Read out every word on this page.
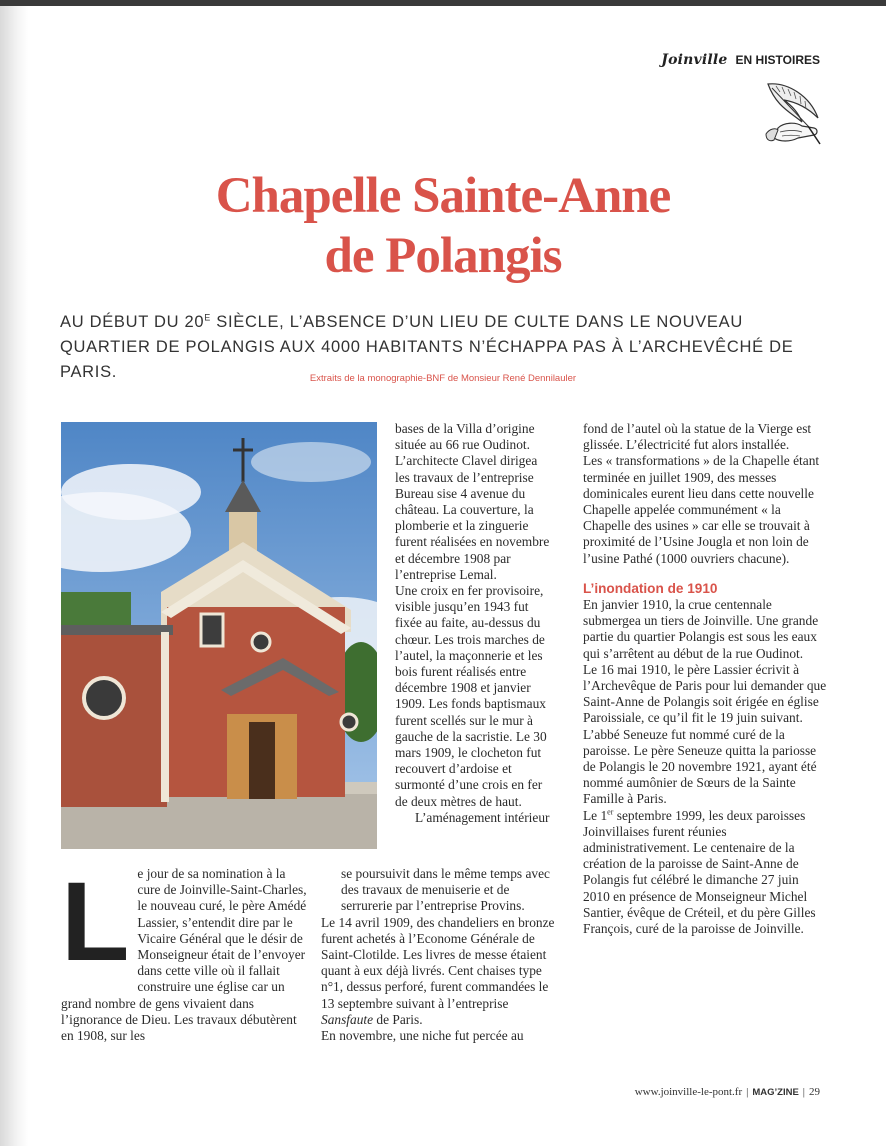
Joinville EN HISTOIRES
Chapelle Sainte-Anne
de Polangis
AU DÉBUT DU $20^E$ SIÈCLE, L’ABSENCE D’UN LIEU DE CULTE DANS LE NOUVEAU QUARTIER DE POLANGIS AUX 4000 HABITANTS N’ÉCHAPPA PAS À L’ARCHEVÊCHÉ DE PARIS.	Extraits de la monographie-BNF de Monsieur René Dennilauler

bases de la Villa d’origine située au 66 rue Oudinot.

L’architecte Clavel dirigea les travaux de l’entreprise Bureau sise 4 avenue du château. La couverture, la plomberie et la zinguerie furent réalisées en novembre et décembre 1908 par l’entreprise Lemal.

Une croix en fer provisoire, visible jusqu’en 1943 fut fixée au faite, au-dessus du chœur. Les trois marches de l’autel, la maçonnerie et les bois furent réalisés entre décembre 1908 et janvier 1909. Les fonds baptismaux furent scellés sur le mur à gauche de la sacristie. Le 30 mars 1909, le clocheton fut recouvert d’ardoise et surmonté d’une crois en fer de deux mètres de haut.

L’aménagement intérieur

fond de l’autel où la statue de la Vierge est glissée. L’électricité fut alors installée.

Les « transformations » de la Chapelle étant terminée en juillet 1909, des messes dominicales eurent lieu dans cette nouvelle Chapelle appelée communément « la Chapelle des usines » car elle se trouvait à proximité de l’Usine Jougla et non loin de l’usine Pathé (1000 ouvriers chacune).

L’inondation de 1910

En janvier 1910, la crue centennale submergea un tiers de Joinville. Une grande partie du quartier Polangis est sous les eaux qui s’arrêtent au début de la rue Oudinot.

Le 16 mai 1910, le père Lassier écrivit à l’Archevêque de Paris pour lui demander que Saint-Anne de Polangis soit érigée en église Paroissiale, ce qu’il fit le 19 juin suivant.

L’abbé Seneuze fut nommé curé de la paroisse. Le père Seneuze quitta la pariosse de Polangis le 20 novembre 1921, ayant été nommé aumônier de Sœurs de la Sainte Famille à Paris.

Le 1er septembre 1999, les deux paroisses Joinvillaises furent réunies administrativement. Le centenaire de la création de la paroisse de Saint-Anne de Polangis fut célébré le dimanche 27 juin 2010 en présence de Monseigneur Michel Santier, évêque de Créteil, et du père Gilles François, curé de la paroisse de Joinville.

L e jour de sa nomination à la cure de Joinville-Saint-Charles, le nouveau curé, le père Amédé Lassier, s’entendit dire par le Vicaire Général que le désir de Monseigneur était de l’envoyer dans cette ville où il fallait construire une église car un grand nombre de gens vivaient dans l’ignorance de Dieu. Les travaux débutèrent en 1908, sur les

se poursuivit dans le même temps avec des travaux de menuiserie et de serrurerie par l’entreprise Provins.

Le 14 avril 1909, des chandeliers en bronze furent achetés à l’Econome Générale de Saint-Clotilde. Les livres de messe étaient quant à eux déjà livrés. Cent chaises type n°1, dessus perforé, furent commandées le 13 septembre suivant à l’entreprise Sansfaute de Paris.

En novembre, une niche fut percée au

www.joinville-le-pont.fr | MAG’ZINE | 29
